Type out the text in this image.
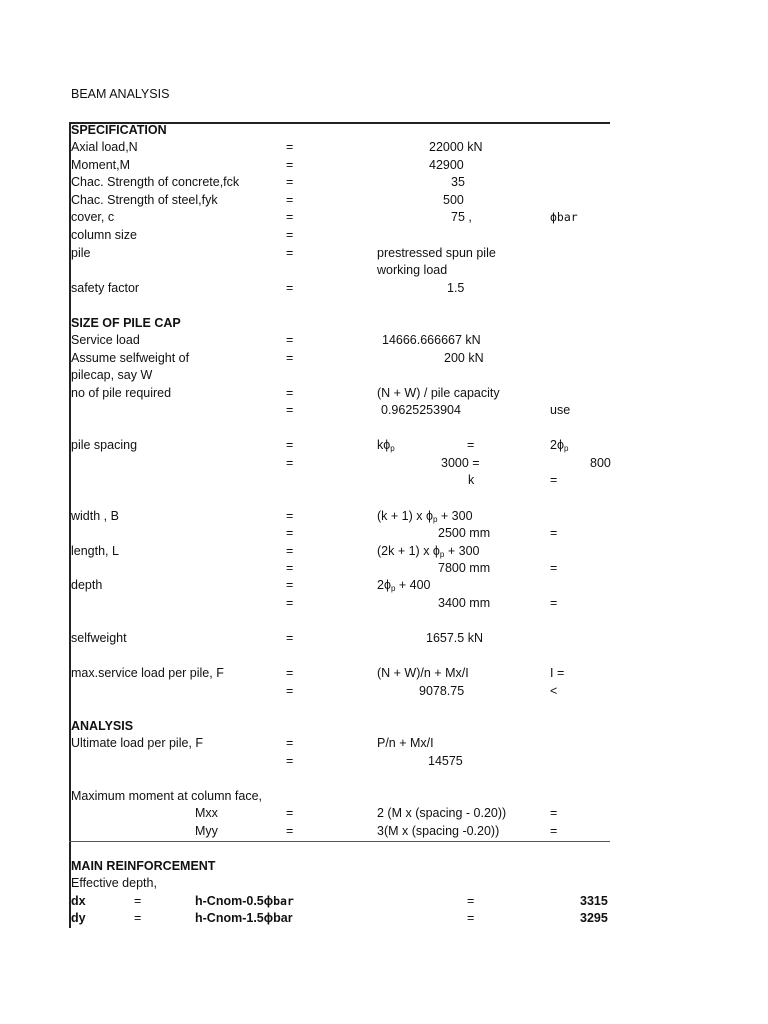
BEAM ANALYSIS
SPECIFICATION
Axial load,N	=	22000 kN
Moment,M	=	42900
Chac. Strength of concrete,fck	=	35
Chac. Strength of steel,fyk	=	500
cover, c	=	75 ,	ϕbar
column size	=
pile	=	prestressed spun pile
working load
safety factor	=	1.5
SIZE OF PILE CAP
Service load	=	14666.666667 kN
Assume selfweight of	=	200 kN
pilecap, say W
no of pile required	=	(N + W) / pile capacity
=	0.9625253904	use
pile spacing	=	$k\phi_p$	=	$2\phi_p$
=	3000 =	800
k	=
width , B	=	(k + 1) x $\phi_p + 300$
=	2500 mm	=
length, L	=	(2k + 1) x $\phi_p + 300$
=	7800 mm	=
depth	=	$2\phi_p + 400$
=	3400 mm	=
selfweight	=	1657.5 kN
max.service load per pile, F	=	(N + W)/n + Mx/I	I =
=	9078.75	<
ANALYSIS
Ultimate load per pile, F	=	P/n + Mx/I
=	14575
Maximum moment at column face,
Mxx	=	2 (M x (spacing - 0.20))	=
Myy	=	3(M x (spacing -0.20))	=
MAIN REINFORCEMENT
Effective depth,
dx	=	h-Cnom-0.5ϕbar	=	3315
dy	=	h-Cnom-1.5ϕbar	=	3295
